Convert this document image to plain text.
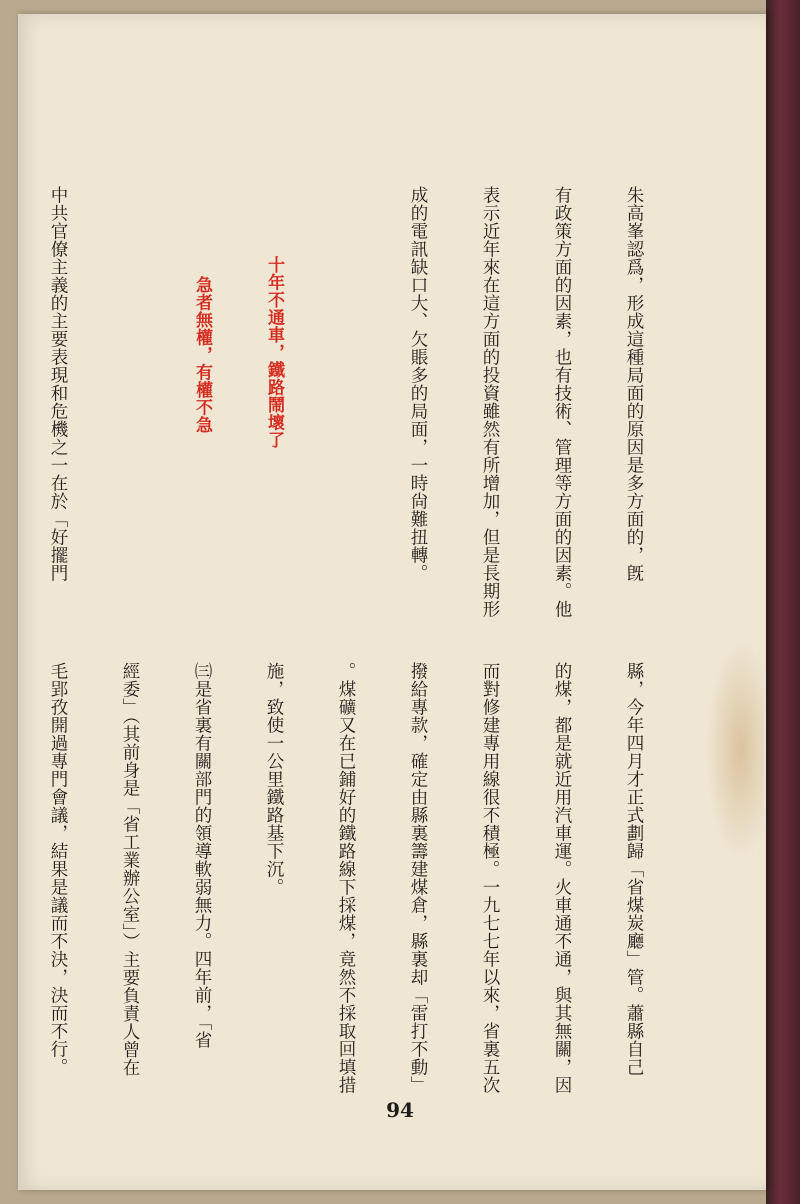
朱高峯認爲，形成這種局面的原因是多方面的，旣

有政策方面的因素，也有技術、管理等方面的因素。他

表示近年來在這方面的投資雖然有所增加，但是長期形

成的電訊缺口大、欠賬多的局面，一時尙難扭轉。

十年不通車，鐵路鬧壞了

急者無權，有權不急

中共官僚主義的主要表現和危機之一在於「好擺門

縣，今年四月才正式劃歸「省煤炭廳」管。蕭縣自己

的煤，都是就近用汽車運。火車通不通，與其無關，因

而對修建專用線很不積極。一九七七年以來，省裏五次

撥給專款，確定由縣裏籌建煤倉，縣裏却「雷打不動」

。煤礦又在已鋪好的鐵路線下採煤，竟然不採取回填措

施，致使一公里鐵路基下沉。

㈢是省裏有關部門的領導軟弱無力。四年前，「省

經委」（其前身是「省工業辦公室」）主要負責人曾在

毛郢孜開過專門會議，結果是議而不決，決而不行。

94
